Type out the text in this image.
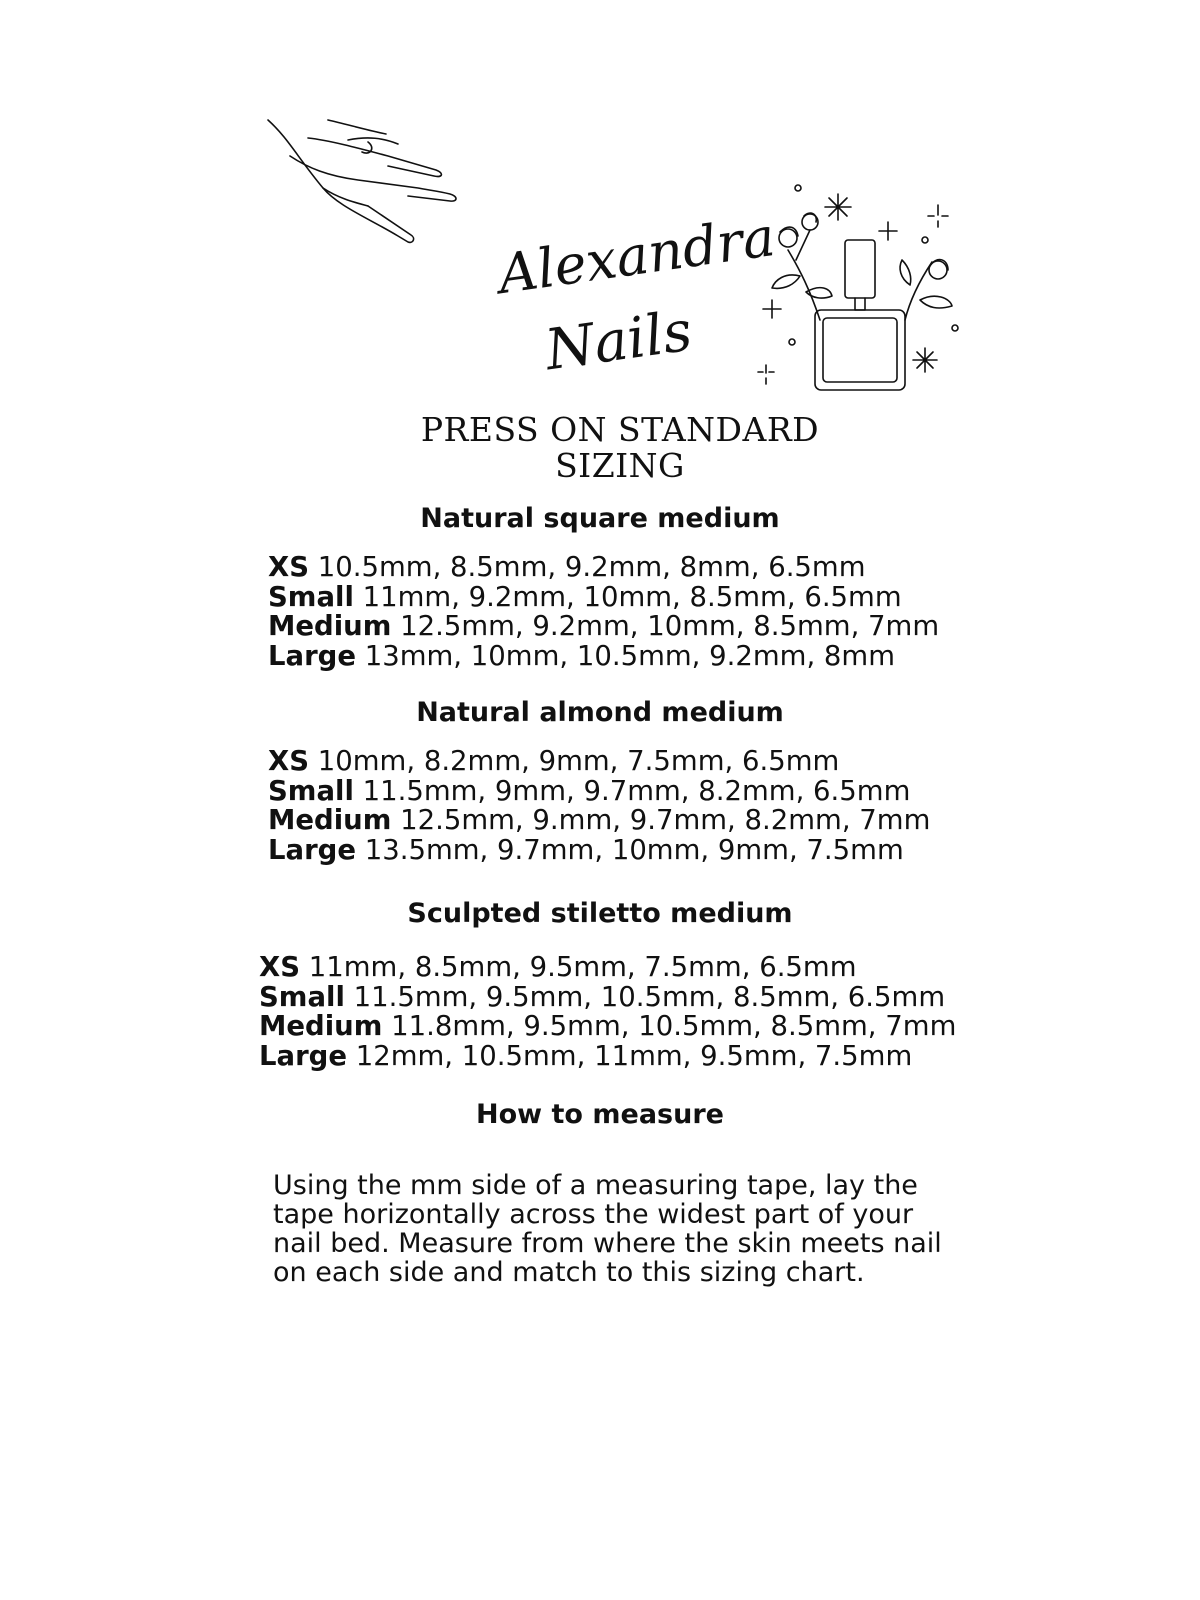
Alexandra
Nails
PRESS ON STANDARD
SIZING
Natural square medium
XS 10.5mm, 8.5mm, 9.2mm, 8mm, 6.5mm
Small 11mm, 9.2mm, 10mm, 8.5mm, 6.5mm
Medium 12.5mm, 9.2mm, 10mm, 8.5mm, 7mm
Large 13mm, 10mm, 10.5mm, 9.2mm, 8mm
Natural almond medium
XS 10mm, 8.2mm, 9mm, 7.5mm, 6.5mm
Small 11.5mm, 9mm, 9.7mm, 8.2mm, 6.5mm
Medium 12.5mm, 9.mm, 9.7mm, 8.2mm, 7mm
Large 13.5mm, 9.7mm, 10mm, 9mm, 7.5mm
Sculpted stiletto medium
XS 11mm, 8.5mm, 9.5mm, 7.5mm, 6.5mm
Small 11.5mm, 9.5mm, 10.5mm, 8.5mm, 6.5mm
Medium 11.8mm, 9.5mm, 10.5mm, 8.5mm, 7mm
Large 12mm, 10.5mm, 11mm, 9.5mm, 7.5mm
How to measure
Using the mm side of a measuring tape, lay the
tape horizontally across the widest part of your
nail bed. Measure from where the skin meets nail
on each side and match to this sizing chart.
